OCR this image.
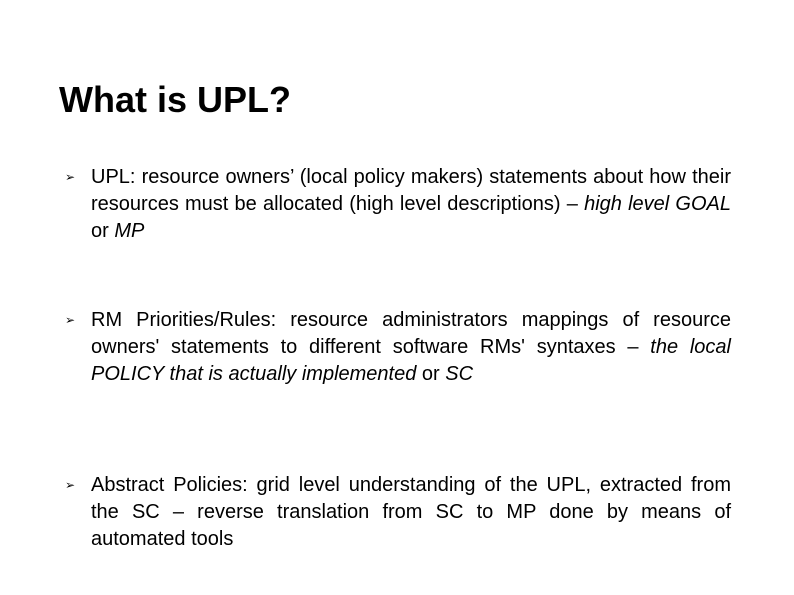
What is UPL?
➢ UPL: resource owners’ (local policy makers) statements about how their resources must be allocated (high level descriptions) – high level GOAL or MP
➢ RM Priorities/Rules: resource administrators mappings of resource owners' statements to different software RMs' syntaxes – the local POLICY that is actually implemented or SC
➢ Abstract Policies: grid level understanding of the UPL, extracted from the SC – reverse translation from SC to MP done by means of automated tools
